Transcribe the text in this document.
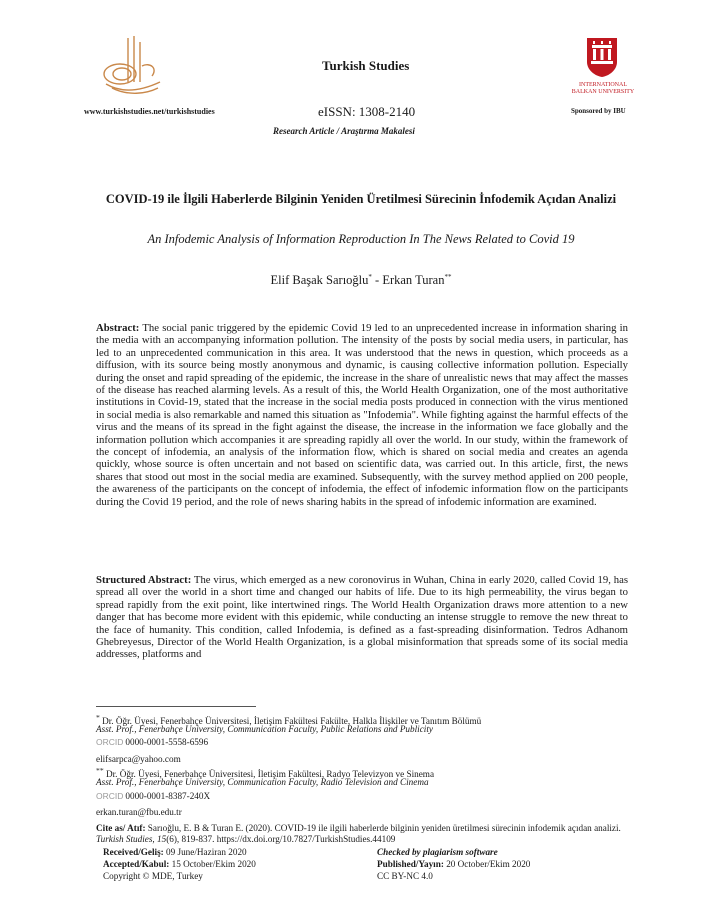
www.turkishstudies.net/turkishstudies
Turkish Studies
eISSN: 1308-2140
Research Article / Araştırma Makalesi
INTERNATIONAL BALKAN UNIVERSITY
Sponsored by IBU
COVID-19 ile İlgili Haberlerde Bilginin Yeniden Üretilmesi Sürecinin İnfodemik Açıdan Analizi
An Infodemic Analysis of Information Reproduction In The News Related to Covid 19
Elif Başak Sarıoğlu* - Erkan Turan**
Abstract: The social panic triggered by the epidemic Covid 19 led to an unprecedented increase in information sharing in the media with an accompanying information pollution. The intensity of the posts by social media users, in particular, has led to an unprecedented communication in this area. It was understood that the news in question, which proceeds as a diffusion, with its source being mostly anonymous and dynamic, is causing collective information pollution. Especially during the onset and rapid spreading of the epidemic, the increase in the share of unrealistic news that may affect the masses of the disease has reached alarming levels. As a result of this, the World Health Organization, one of the most authoritative institutions in Covid-19, stated that the increase in the social media posts produced in connection with the virus mentioned in social media is also remarkable and named this situation as "Infodemia". While fighting against the harmful effects of the virus and the means of its spread in the fight against the disease, the increase in the information we face globally and the information pollution which accompanies it are spreading rapidly all over the world. In our study, within the framework of the concept of infodemia, an analysis of the information flow, which is shared on social media and creates an agenda quickly, whose source is often uncertain and not based on scientific data, was carried out. In this article, first, the news shares that stood out most in the social media are examined. Subsequently, with the survey method applied on 200 people, the awareness of the participants on the concept of infodemia, the effect of infodemic information flow on the participants during the Covid 19 period, and the role of news sharing habits in the spread of infodemic information are examined.
Structured Abstract: The virus, which emerged as a new coronovirus in Wuhan, China in early 2020, called Covid 19, has spread all over the world in a short time and changed our habits of life. Due to its high permeability, the virus began to spread rapidly from the exit point, like intertwined rings. The World Health Organization draws more attention to a new danger that has become more evident with this epidemic, while conducting an intense struggle to remove the new threat to the face of humanity. This condition, called Infodemia, is defined as a fast-spreading disinformation. Tedros Adhanom Ghebreyesus, Director of the World Health Organization, is a global misinformation that spreads some of its social media addresses, platforms and
* Dr. Öğr. Üyesi, Fenerbahçe Üniversitesi, İletişim Fakültesi Fakülte, Halkla İlişkiler ve Tanıtım Bölümü
Asst. Prof., Fenerbahçe University, Communication Faculty, Public Relations and Publicity
ORCID 0000-0001-5558-6596
elifsarpca@yahoo.com
** Dr. Öğr. Üyesi, Fenerbahçe Üniversitesi, İletişim Fakültesi, Radyo Televizyon ve Sinema
Asst. Prof., Fenerbahçe University, Communication Faculty, Radio Television and Cinema
ORCID 0000-0001-8387-240X
erkan.turan@fbu.edu.tr
Cite as/ Atıf: Sarıoğlu, E. B & Turan E. (2020). COVID-19 ile ilgili haberlerde bilginin yeniden üretilmesi sürecinin infodemik açıdan analizi. Turkish Studies, 15(6), 819-837. https://dx.doi.org/10.7827/TurkishStudies.44109
Received/Geliş: 09 June/Haziran 2020	Checked by plagiarism software
Accepted/Kabul: 15 October/Ekim 2020	Published/Yayın: 20 October/Ekim 2020
Copyright © MDE, Turkey	CC BY-NC 4.0
